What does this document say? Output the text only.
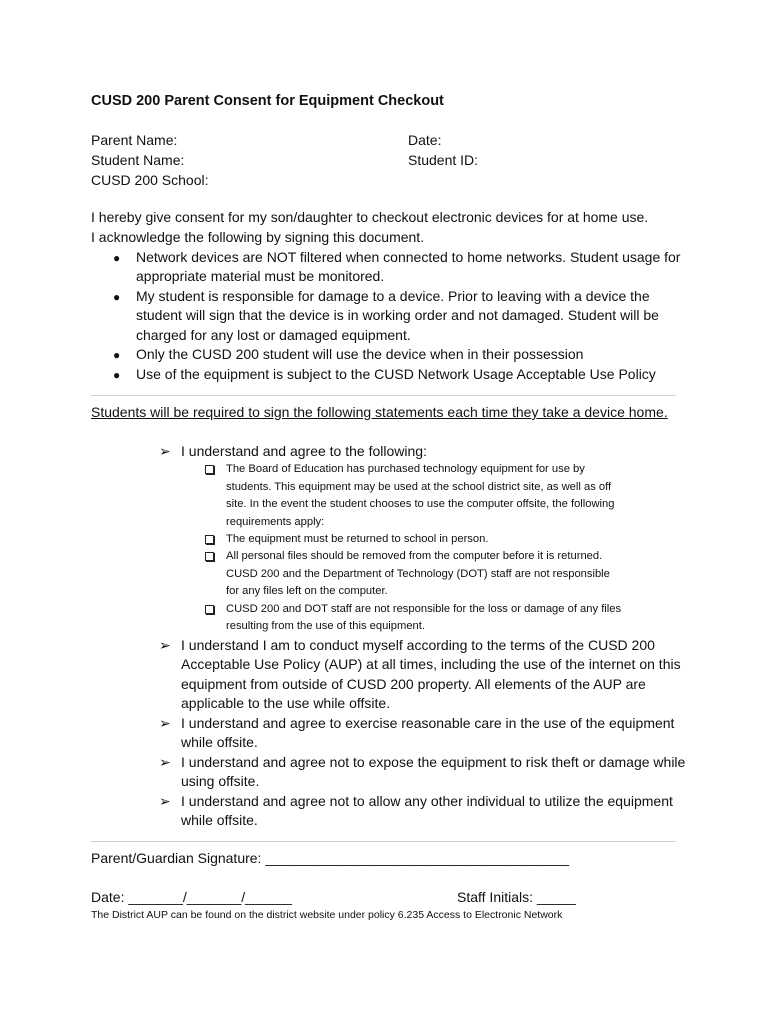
CUSD 200 Parent Consent for Equipment Checkout
Parent Name:	Date:
Student Name:	Student ID:
CUSD 200 School:
I hereby give consent for my son/daughter to checkout electronic devices for at home use.
I acknowledge the following by signing this document.
● Network devices are NOT filtered when connected to home networks. Student usage for
appropriate material must be monitored.
● My student is responsible for damage to a device. Prior to leaving with a device the
student will sign that the device is in working order and not damaged. Student will be
charged for any lost or damaged equipment.
● Only the CUSD 200 student will use the device when in their possession
● Use of the equipment is subject to the CUSD Network Usage Acceptable Use Policy
Students will be required to sign the following statements each time they take a device home.
➢ I understand and agree to the following:
The Board of Education has purchased technology equipment for use by
students. This equipment may be used at the school district site, as well as off
site. In the event the student chooses to use the computer offsite, the following
requirements apply:
The equipment must be returned to school in person.
All personal files should be removed from the computer before it is returned.
CUSD 200 and the Department of Technology (DOT) staff are not responsible
for any files left on the computer.
CUSD 200 and DOT staff are not responsible for the loss or damage of any files
resulting from the use of this equipment.
➢ I understand I am to conduct myself according to the terms of the CUSD 200
Acceptable Use Policy (AUP) at all times, including the use of the internet on this
equipment from outside of CUSD 200 property. All elements of the AUP are
applicable to the use while offsite.
➢ I understand and agree to exercise reasonable care in the use of the equipment
while offsite.
➢ I understand and agree not to expose the equipment to risk theft or damage while
using offsite.
➢ I understand and agree not to allow any other individual to utilize the equipment
while offsite.
Parent/Guardian Signature: _______________________________________
Date: _______/_______/______	Staff Initials: _____
The District AUP can be found on the district website under policy 6.235 Access to Electronic Network
